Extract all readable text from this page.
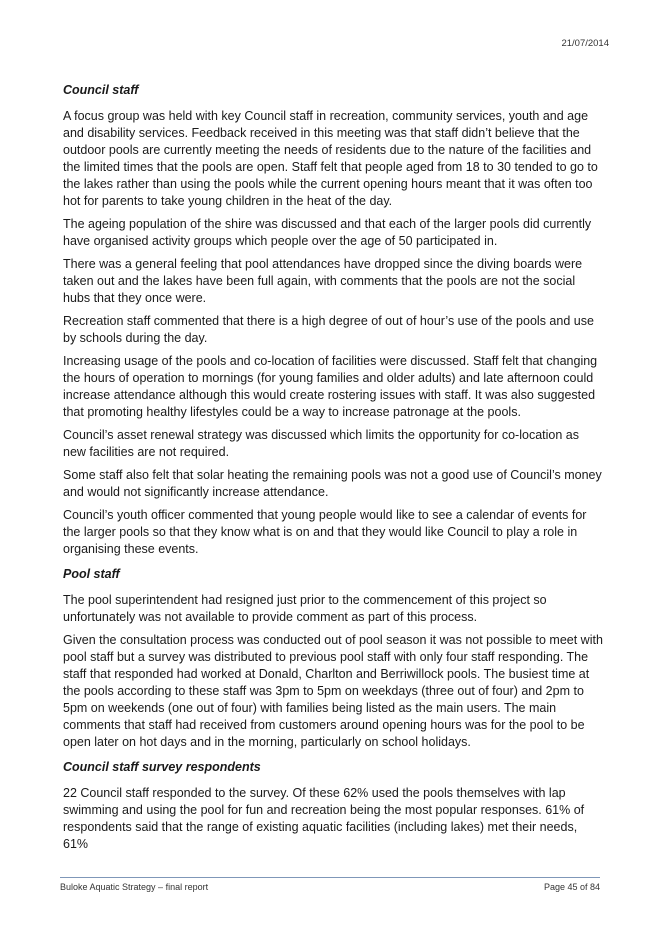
21/07/2014
Council staff

A focus group was held with key Council staff in recreation, community services, youth and age and disability services. Feedback received in this meeting was that staff didn’t believe that the outdoor pools are currently meeting the needs of residents due to the nature of the facilities and the limited times that the pools are open. Staff felt that people aged from 18 to 30 tended to go to the lakes rather than using the pools while the current opening hours meant that it was often too hot for parents to take young children in the heat of the day.

The ageing population of the shire was discussed and that each of the larger pools did currently have organised activity groups which people over the age of 50 participated in.

There was a general feeling that pool attendances have dropped since the diving boards were taken out and the lakes have been full again, with comments that the pools are not the social hubs that they once were.

Recreation staff commented that there is a high degree of out of hour’s use of the pools and use by schools during the day.

Increasing usage of the pools and co-location of facilities were discussed. Staff felt that changing the hours of operation to mornings (for young families and older adults) and late afternoon could increase attendance although this would create rostering issues with staff. It was also suggested that promoting healthy lifestyles could be a way to increase patronage at the pools.

Council’s asset renewal strategy was discussed which limits the opportunity for co-location as new facilities are not required.

Some staff also felt that solar heating the remaining pools was not a good use of Council’s money and would not significantly increase attendance.

Council’s youth officer commented that young people would like to see a calendar of events for the larger pools so that they know what is on and that they would like Council to play a role in organising these events.

Pool staff

The pool superintendent had resigned just prior to the commencement of this project so unfortunately was not available to provide comment as part of this process.

Given the consultation process was conducted out of pool season it was not possible to meet with pool staff but a survey was distributed to previous pool staff with only four staff responding. The staff that responded had worked at Donald, Charlton and Berriwillock pools. The busiest time at the pools according to these staff was 3pm to 5pm on weekdays (three out of four) and 2pm to 5pm on weekends (one out of four) with families being listed as the main users. The main comments that staff had received from customers around opening hours was for the pool to be open later on hot days and in the morning, particularly on school holidays.

Council staff survey respondents

22 Council staff responded to the survey. Of these 62% used the pools themselves with lap swimming and using the pool for fun and recreation being the most popular responses. 61% of respondents said that the range of existing aquatic facilities (including lakes) met their needs, 61%

Buloke Aquatic Strategy – final report	Page 45 of 84
